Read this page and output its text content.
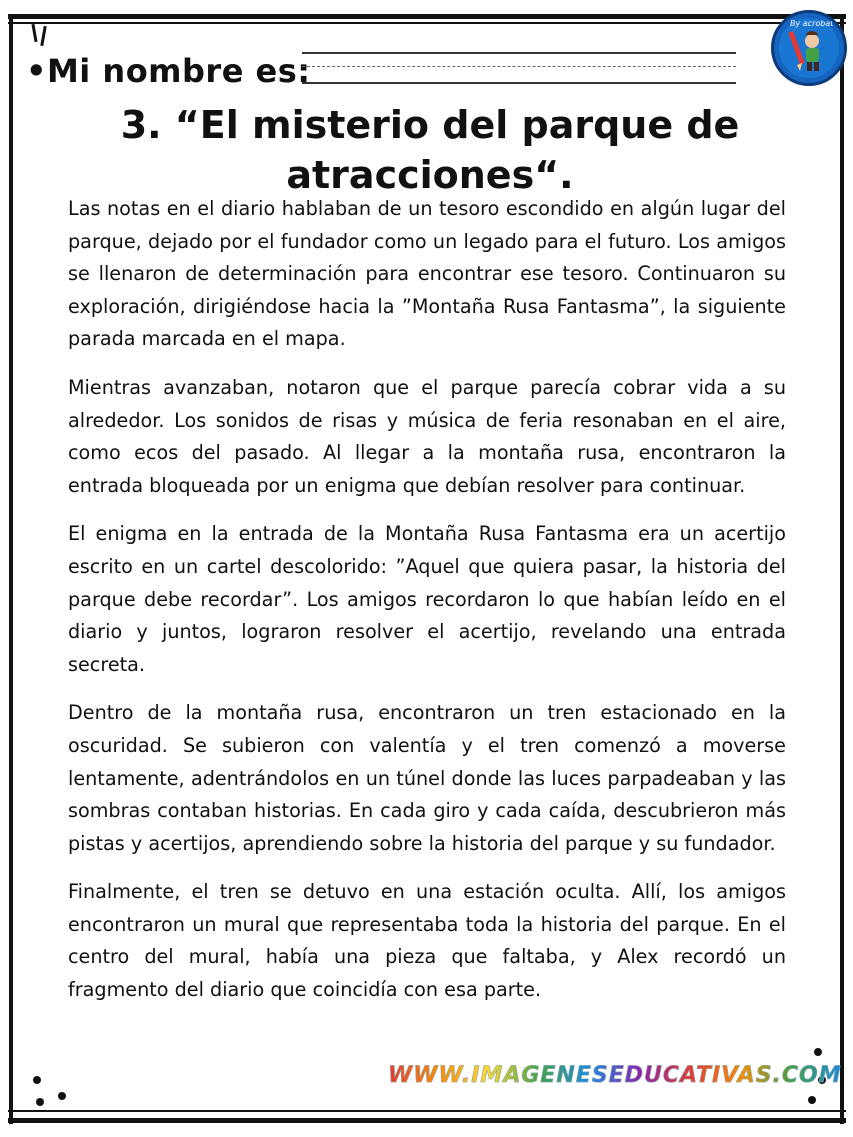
•Mi nombre es:
By acrobat
3. “El misterio del parque de
atracciones“.

Las notas en el diario hablaban de un tesoro escondido en algún lugar del parque, dejado por el fundador como un legado para el futuro. Los amigos se llenaron de determinación para encontrar ese tesoro. Continuaron su exploración, dirigiéndose hacia la ”Montaña Rusa Fantasma”, la siguiente parada marcada en el mapa.

Mientras avanzaban, notaron que el parque parecía cobrar vida a su alrededor. Los sonidos de risas y música de feria resonaban en el aire, como ecos del pasado. Al llegar a la montaña rusa, encontraron la entrada bloqueada por un enigma que debían resolver para continuar.

El enigma en la entrada de la Montaña Rusa Fantasma era un acertijo escrito en un cartel descolorido: ”Aquel que quiera pasar, la historia del parque debe recordar”. Los amigos recordaron lo que habían leído en el diario y juntos, lograron resolver el acertijo, revelando una entrada secreta.

Dentro de la montaña rusa, encontraron un tren estacionado en la oscuridad. Se subieron con valentía y el tren comenzó a moverse lentamente, adentrándolos en un túnel donde las luces parpadeaban y las sombras contaban historias. En cada giro y cada caída, descubrieron más pistas y acertijos, aprendiendo sobre la historia del parque y su fundador.

Finalmente, el tren se detuvo en una estación oculta. Allí, los amigos encontraron un mural que representaba toda la historia del parque. En el centro del mural, había una pieza que faltaba, y Alex recordó un fragmento del diario que coincidía con esa parte.

WWW.IMAGENESEDUCATIVAS.COM
